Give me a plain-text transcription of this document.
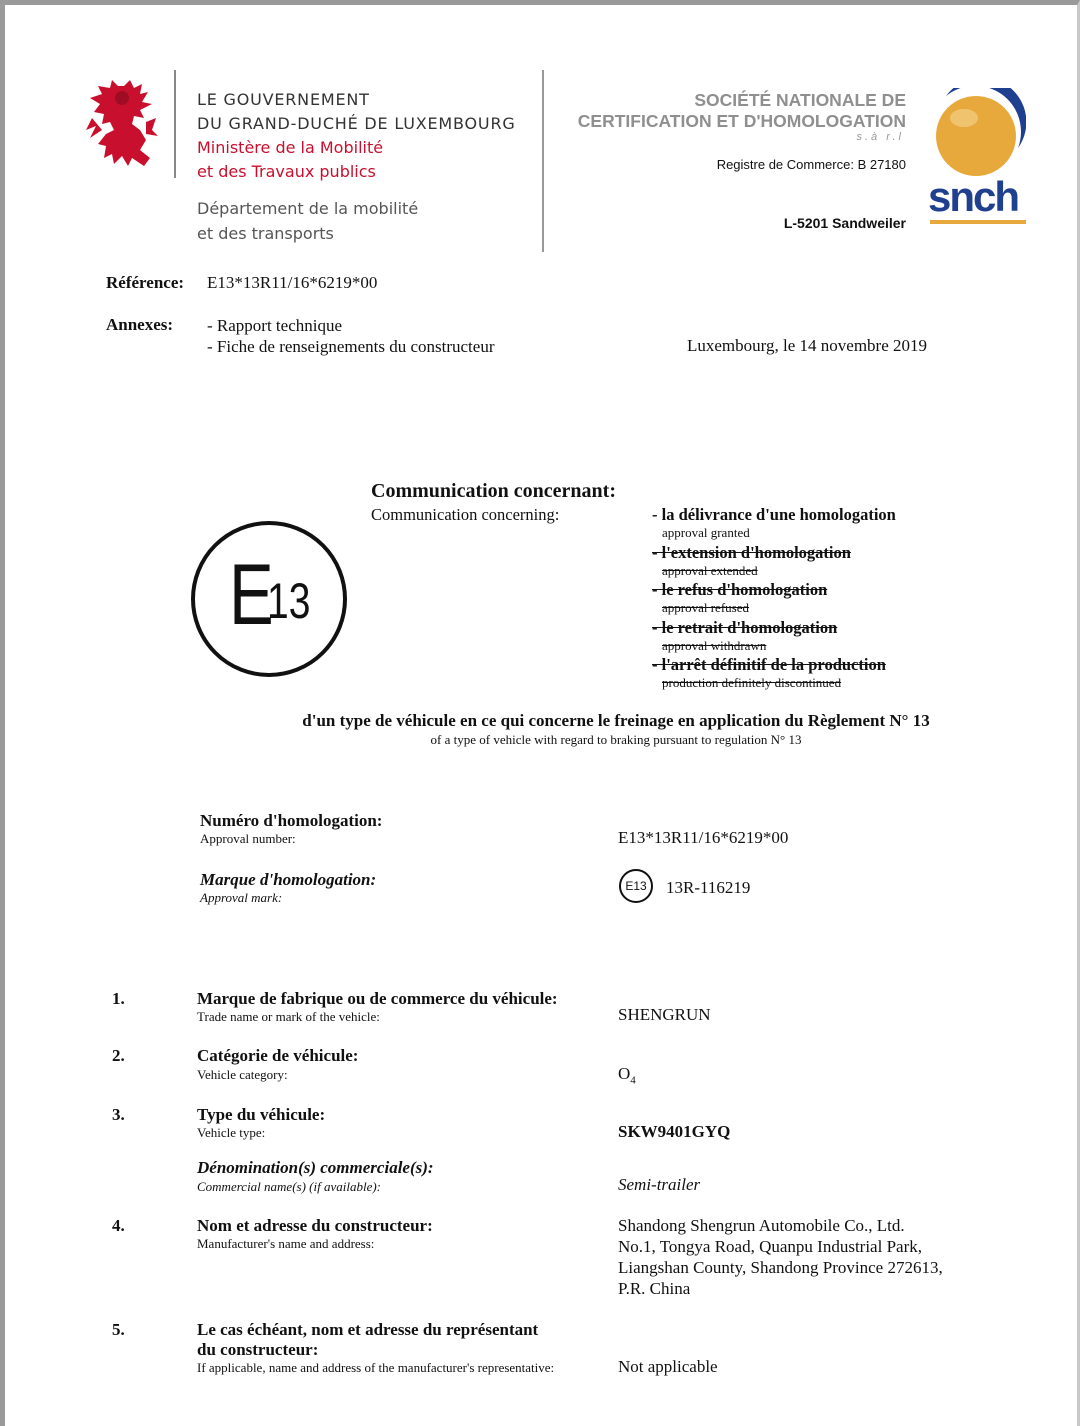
LE GOUVERNEMENT
DU GRAND-DUCHÉ DE LUXEMBOURG
Ministère de la Mobilité
et des Travaux publics
Département de la mobilité
et des transports
SOCIÉTÉ NATIONALE DE
CERTIFICATION ET D'HOMOLOGATION
s.à r.l
Registre de Commerce: B 27180
L-5201 Sandweiler
snch
Référence: E13*13R11/16*6219*00
Annexes: - Rapport technique
- Fiche de renseignements du constructeur	Luxembourg, le 14 novembre 2019
E
13
Communication concernant:
Communication concerning:	- la délivrance d'une homologation
approval granted
- l'extension d'homologation
approval extended
- le refus d'homologation
approval refused
- le retrait d'homologation
approval withdrawn
- l'arrêt définitif de la production
production definitely discontinued
d'un type de véhicule en ce qui concerne le freinage en application du Règlement N° 13
of a type of vehicle with regard to braking pursuant to regulation N° 13
Numéro d'homologation:
Approval number:	E13*13R11/16*6219*00
Marque d'homologation:
Approval mark:
E13	13R-116219
1.	Marque de fabrique ou de commerce du véhicule:
Trade name or mark of the vehicle:	SHENGRUN
2.	Catégorie de véhicule:
Vehicle category:	$O_4$
3.	Type du véhicule:
Vehicle type:	SKW9401GYQ
Dénomination(s) commerciale(s):
Commercial name(s) (if available):	Semi-trailer
4.	Nom et adresse du constructeur:
Manufacturer's name and address:
Shandong Shengrun Automobile Co., Ltd.
No.1, Tongya Road, Quanpu Industrial Park,
Liangshan County, Shandong Province 272613,
P.R. China
5.	Le cas échéant, nom et adresse du représentant
du constructeur:
If applicable, name and address of the manufacturer's representative:	Not applicable
